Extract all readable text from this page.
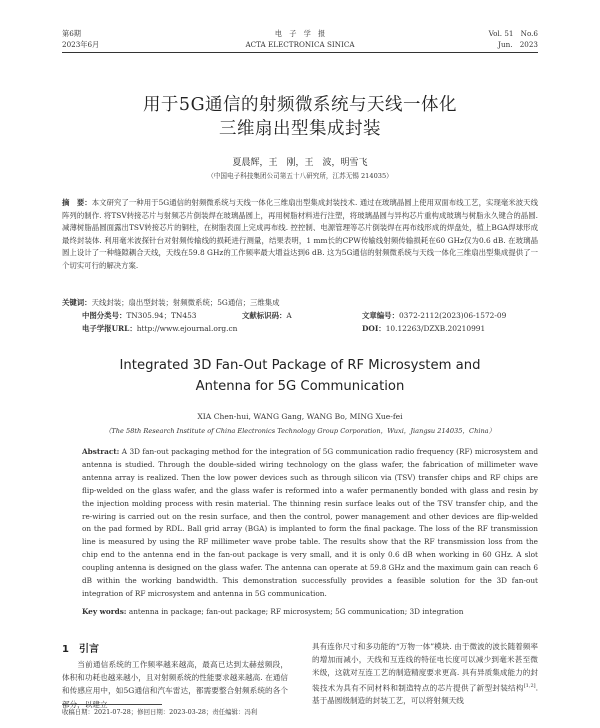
第6期
2023年6月
电　子　学　报
ACTA ELECTRONICA SINICA
Vol. 51　No.6
Jun.　2023
用于5G通信的射频微系统与天线一体化
三维扇出型集成封装
夏晨辉，王　刚，王　波，明雪飞
（中国电子科技集团公司第五十八研究所，江苏无锡 214035）
摘　要：本文研究了一种用于5G通信的射频微系统与天线一体化三维扇出型集成封装技术. 通过在玻璃晶圆上使用双面布线工艺，实现毫米波天线阵列的制作. 将TSV转接芯片与射频芯片倒装焊在玻璃晶圆上，再用树脂材料进行注塑，将玻璃晶圆与异构芯片重构成玻璃与树脂永久键合的晶圆. 减薄树脂晶圆面露出TSV转接芯片的铜柱，在树脂表面上完成再布线. 控控制、电源管理等芯片倒装焊在再布线形成的焊盘处，植上BGA焊球形成最终封装体. 利用毫米波探针台对射频传输线的损耗进行测量，结果表明，1 mm长的CPW传输线射频传输损耗在60 GHz仅为0.6 dB. 在玻璃晶圆上设计了一种缝隙耦合天线，天线在59.8 GHz的工作频率最大增益达到6 dB. 这为5G通信的射频微系统与天线一体化三维扇出型集成提供了一个切实可行的解决方案.
关键词：天线封装；扇出型封装；射频微系统；5G通信；三维集成
中图分类号：TN305.94；TN453	文献标识码：A	文章编号：0372-2112(2023)06-1572-09
电子学报URL：http://www.ejournal.org.cn	DOI：10.12263/DZXB.20210991
Integrated 3D Fan-Out Package of RF Microsystem and
Antenna for 5G Communication
XIA Chen-hui, WANG Gang, WANG Bo, MING Xue-fei
（The 58th Research Institute of China Electronics Technology Group Corporation，Wuxi，Jiangsu 214035，China）
Abstract: A 3D fan-out packaging method for the integration of 5G communication radio frequency (RF) microsystem and antenna is studied. Through the double-sided wiring technology on the glass wafer, the fabrication of millimeter wave antenna array is realized. Then the low power devices such as through silicon via (TSV) transfer chips and RF chips are flip-welded on the glass wafer, and the glass wafer is reformed into a wafer permanently bonded with glass and resin by the injection molding process with resin material. The thinning resin surface leaks out of the TSV transfer chip, and the re-wiring is carried out on the resin surface, and then the control, power management and other devices are flip-welded on the pad formed by RDL. Ball grid array (BGA) is implanted to form the final package. The loss of the RF transmission line is measured by using the RF millimeter wave probe table. The results show that the RF transmission loss from the chip end to the antenna end in the fan-out package is very small, and it is only 0.6 dB when working in 60 GHz. A slot coupling antenna is designed on the glass wafer. The antenna can operate at 59.8 GHz and the maximum gain can reach 6 dB within the working bandwidth. This demonstration successfully provides a feasible solution for the 3D fan-out integration of RF microsystem and antenna in 5G communication.
Key words: antenna in package; fan-out package; RF microsystem; 5G communication; 3D integration
1　引言
当前通信系统的工作频率越来越高，最高已达到太赫兹频段，体积和功耗也越来越小，且对射频系统的性能要求越来越高. 在通信和传感应用中，如5G通信和汽车雷达，都需要整合射频系统的各个部分，以建立
具有连你尺寸和多功能的“万物一体”模块. 由于微波的波长随着频率的增加而减小，天线和互连线的特征电长度可以减少到毫米甚至微米级，这就对互连工艺的制造精度要求更高. 具有异质集成能力的封装技术为具有不同材料和制造特点的芯片提供了新型封装结构[1,2]. 基于晶圆级制造的封装工艺，可以将射频天线
收稿日期：2021-07-28；修回日期：2023-03-28；责任编辑：冯利
